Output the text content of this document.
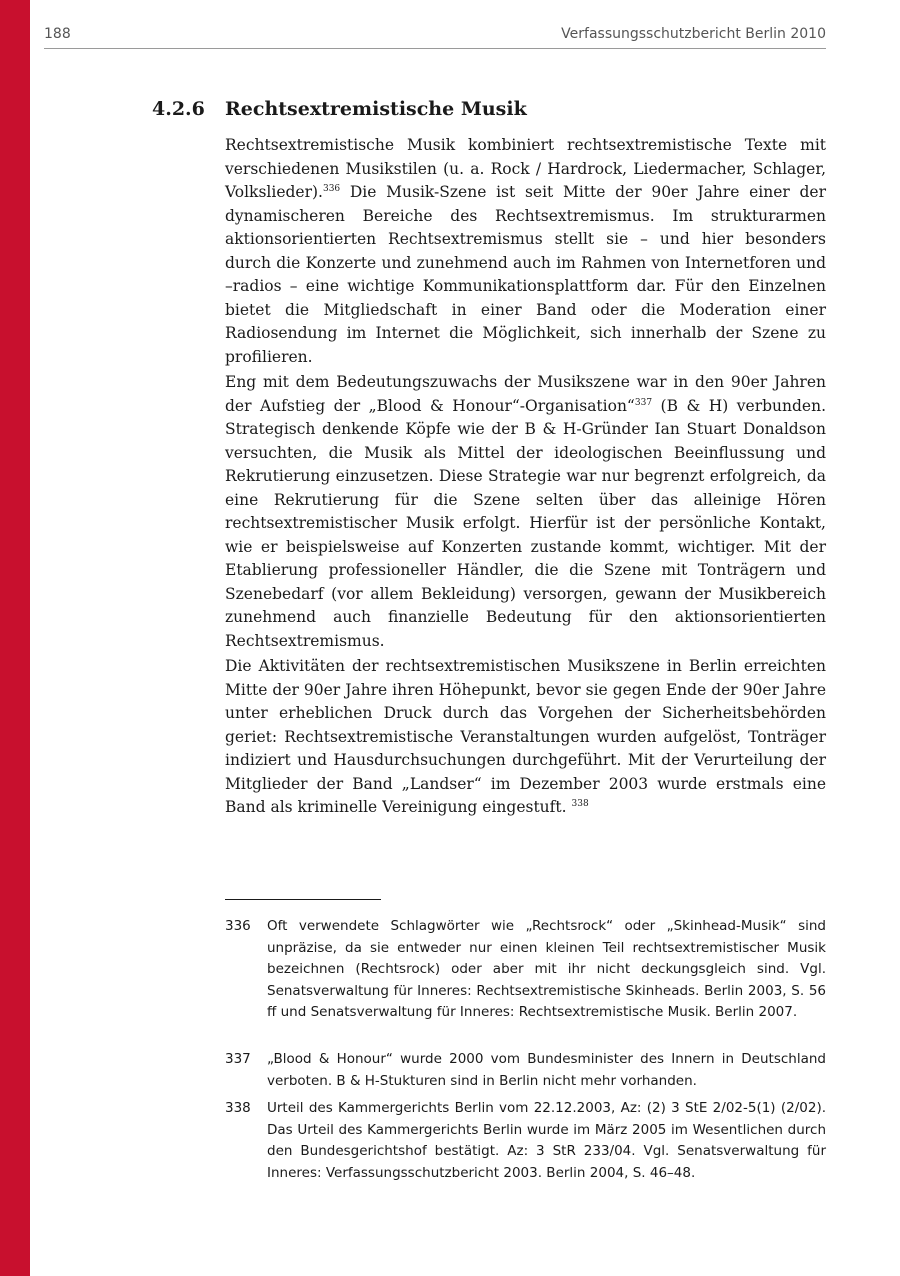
188	Verfassungsschutzbericht Berlin 2010
4.2.6 Rechtsextremistische Musik

Rechtsextremistische Musik kombiniert rechtsextremistische Texte mit verschiedenen Musikstilen (u. a. Rock / Hardrock, Liedermacher, Schlager, Volkslieder).$^{336}$ Die Musik-Szene ist seit Mitte der 90er Jahre einer der dynamischeren Bereiche des Rechtsextremismus. Im strukturarmen aktionsorientierten Rechtsextremismus stellt sie – und hier besonders durch die Konzerte und zunehmend auch im Rahmen von Internetforen und –radios – eine wichtige Kommunikationsplattform dar. Für den Einzelnen bietet die Mitgliedschaft in einer Band oder die Moderation einer Radiosendung im Internet die Möglichkeit, sich innerhalb der Szene zu profilieren.

Eng mit dem Bedeutungszuwachs der Musikszene war in den 90er Jahren der Aufstieg der „Blood & Honour“-Organisation“$^{337}$ (B & H) verbunden. Strategisch denkende Köpfe wie der B & H-Gründer Ian Stuart Donaldson versuchten, die Musik als Mittel der ideologischen Beeinflussung und Rekrutierung einzusetzen. Diese Strategie war nur begrenzt erfolgreich, da eine Rekrutierung für die Szene selten über das alleinige Hören rechtsextremistischer Musik erfolgt. Hierfür ist der persönliche Kontakt, wie er beispielsweise auf Konzerten zustande kommt, wichtiger. Mit der Etablierung professioneller Händler, die die Szene mit Tonträgern und Szenebedarf (vor allem Bekleidung) versorgen, gewann der Musikbereich zunehmend auch finanzielle Bedeutung für den aktionsorientierten Rechtsextremismus.

Die Aktivitäten der rechtsextremistischen Musikszene in Berlin erreichten Mitte der 90er Jahre ihren Höhepunkt, bevor sie gegen Ende der 90er Jahre unter erheblichen Druck durch das Vorgehen der Sicherheitsbehörden geriet: Rechtsextremistische Veranstaltungen wurden aufgelöst, Tonträger indiziert und Hausdurchsuchungen durchgeführt. Mit der Verurteilung der Mitglieder der Band „Landser“ im Dezember 2003 wurde erstmals eine Band als kriminelle Vereinigung eingestuft. $^{338}$

336 Oft verwendete Schlagwörter wie „Rechtsrock“ oder „Skinhead-Musik“ sind unpräzise, da sie entweder nur einen kleinen Teil rechtsextremistischer Musik bezeichnen (Rechtsrock) oder aber mit ihr nicht deckungsgleich sind. Vgl. Senatsverwaltung für Inneres: Rechtsextremistische Skinheads. Berlin 2003, S. 56 ff und Senatsverwaltung für Inneres: Rechtsextremistische Musik. Berlin 2007.
337 „Blood & Honour“ wurde 2000 vom Bundesminister des Innern in Deutschland verboten. B & H-Stukturen sind in Berlin nicht mehr vorhanden.
338 Urteil des Kammergerichts Berlin vom 22.12.2003, Az: (2) 3 StE 2/02-5(1) (2/02). Das Urteil des Kammergerichts Berlin wurde im März 2005 im Wesentlichen durch den Bundesgerichtshof bestätigt. Az: 3 StR 233/04. Vgl. Senatsverwaltung für Inneres: Verfassungsschutzbericht 2003. Berlin 2004, S. 46–48.
